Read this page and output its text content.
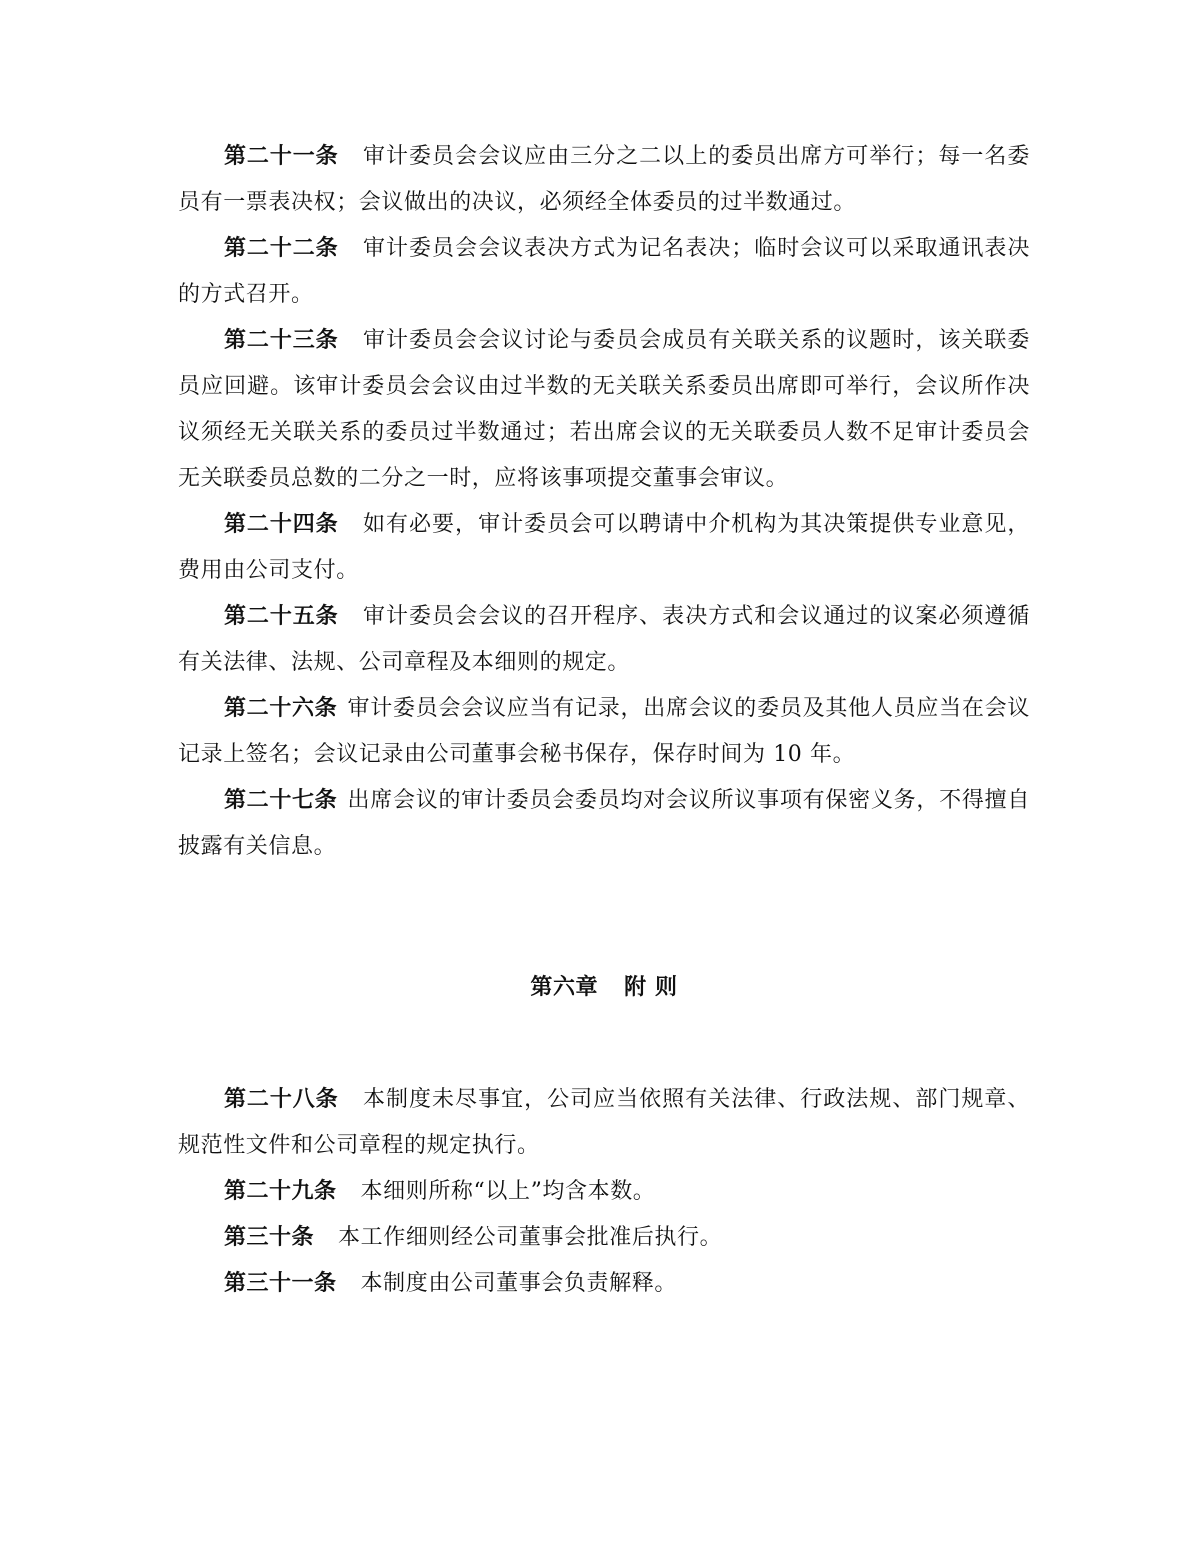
第二十一条 审计委员会会议应由三分之二以上的委员出席方可举行；每一名委员有一票表决权；会议做出的决议，必须经全体委员的过半数通过。

第二十二条 审计委员会会议表决方式为记名表决；临时会议可以采取通讯表决的方式召开。

第二十三条 审计委员会会议讨论与委员会成员有关联关系的议题时，该关联委员应回避。该审计委员会会议由过半数的无关联关系委员出席即可举行，会议所作决议须经无关联关系的委员过半数通过；若出席会议的无关联委员人数不足审计委员会无关联委员总数的二分之一时，应将该事项提交董事会审议。

第二十四条 如有必要，审计委员会可以聘请中介机构为其决策提供专业意见，费用由公司支付。

第二十五条 审计委员会会议的召开程序、表决方式和会议通过的议案必须遵循有关法律、法规、公司章程及本细则的规定。

第二十六条 审计委员会会议应当有记录，出席会议的委员及其他人员应当在会议记录上签名；会议记录由公司董事会秘书保存，保存时间为 10 年。

第二十七条 出席会议的审计委员会委员均对会议所议事项有保密义务，不得擅自披露有关信息。

第六章 附 则

第二十八条 本制度未尽事宜，公司应当依照有关法律、行政法规、部门规章、规范性文件和公司章程的规定执行。

第二十九条 本细则所称“以上”均含本数。

第三十条 本工作细则经公司董事会批准后执行。

第三十一条 本制度由公司董事会负责解释。
